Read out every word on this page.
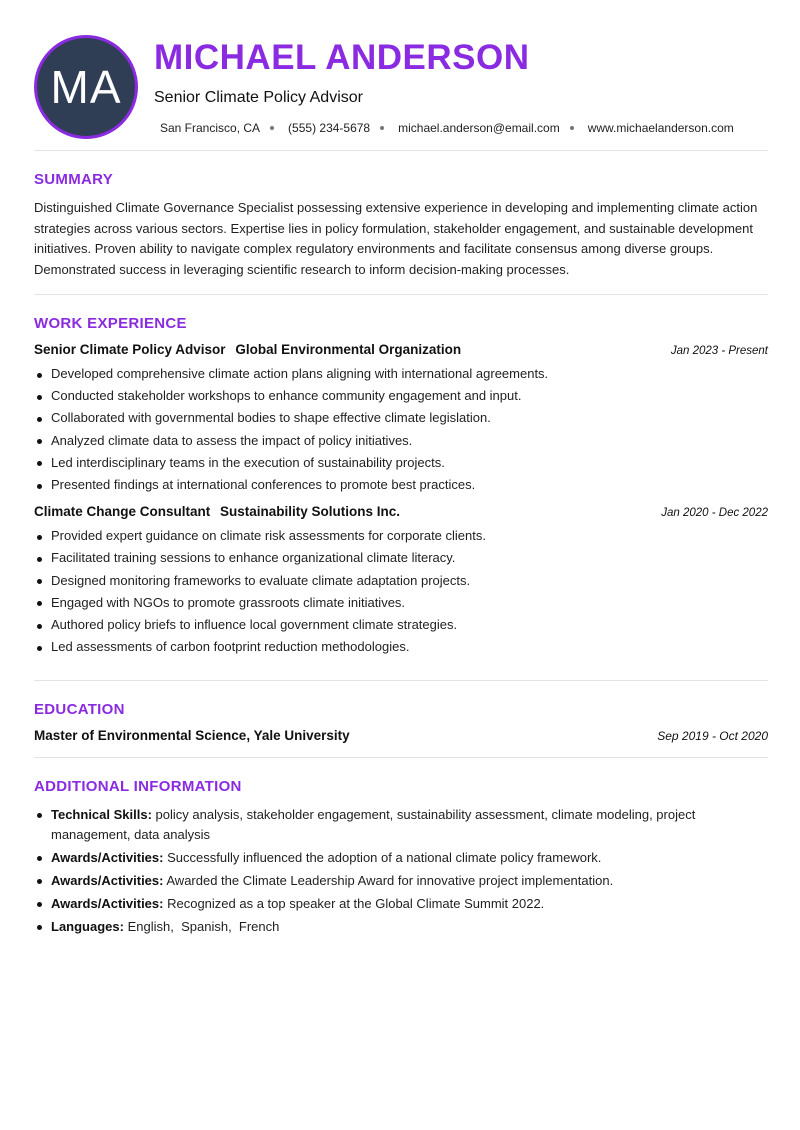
MA
MICHAEL ANDERSON
Senior Climate Policy Advisor
San Francisco, CA (555) 234-5678 michael.anderson@email.com www.michaelanderson.com
SUMMARY

Distinguished Climate Governance Specialist possessing extensive experience in developing and implementing climate action strategies across various sectors. Expertise lies in policy formulation, stakeholder engagement, and sustainable development initiatives. Proven ability to navigate complex regulatory environments and facilitate consensus among diverse groups. Demonstrated success in leveraging scientific research to inform decision-making processes.

WORK EXPERIENCE
Senior Climate Policy Advisor Global Environmental Organization	Jan 2023 - Present
Developed comprehensive climate action plans aligning with international agreements.
Conducted stakeholder workshops to enhance community engagement and input.
Collaborated with governmental bodies to shape effective climate legislation.
Analyzed climate data to assess the impact of policy initiatives.
Led interdisciplinary teams in the execution of sustainability projects.
Presented findings at international conferences to promote best practices.
Climate Change Consultant Sustainability Solutions Inc.	Jan 2020 - Dec 2022
Provided expert guidance on climate risk assessments for corporate clients.
Facilitated training sessions to enhance organizational climate literacy.
Designed monitoring frameworks to evaluate climate adaptation projects.
Engaged with NGOs to promote grassroots climate initiatives.
Authored policy briefs to influence local government climate strategies.
Led assessments of carbon footprint reduction methodologies.
EDUCATION
Master of Environmental Science, Yale University	Sep 2019 - Oct 2020
ADDITIONAL INFORMATION
Technical Skills: policy analysis, stakeholder engagement, sustainability assessment, climate modeling, project management, data analysis
Awards/Activities: Successfully influenced the adoption of a national climate policy framework.
Awards/Activities: Awarded the Climate Leadership Award for innovative project implementation.
Awards/Activities: Recognized as a top speaker at the Global Climate Summit 2022.
Languages: English,  Spanish,  French
